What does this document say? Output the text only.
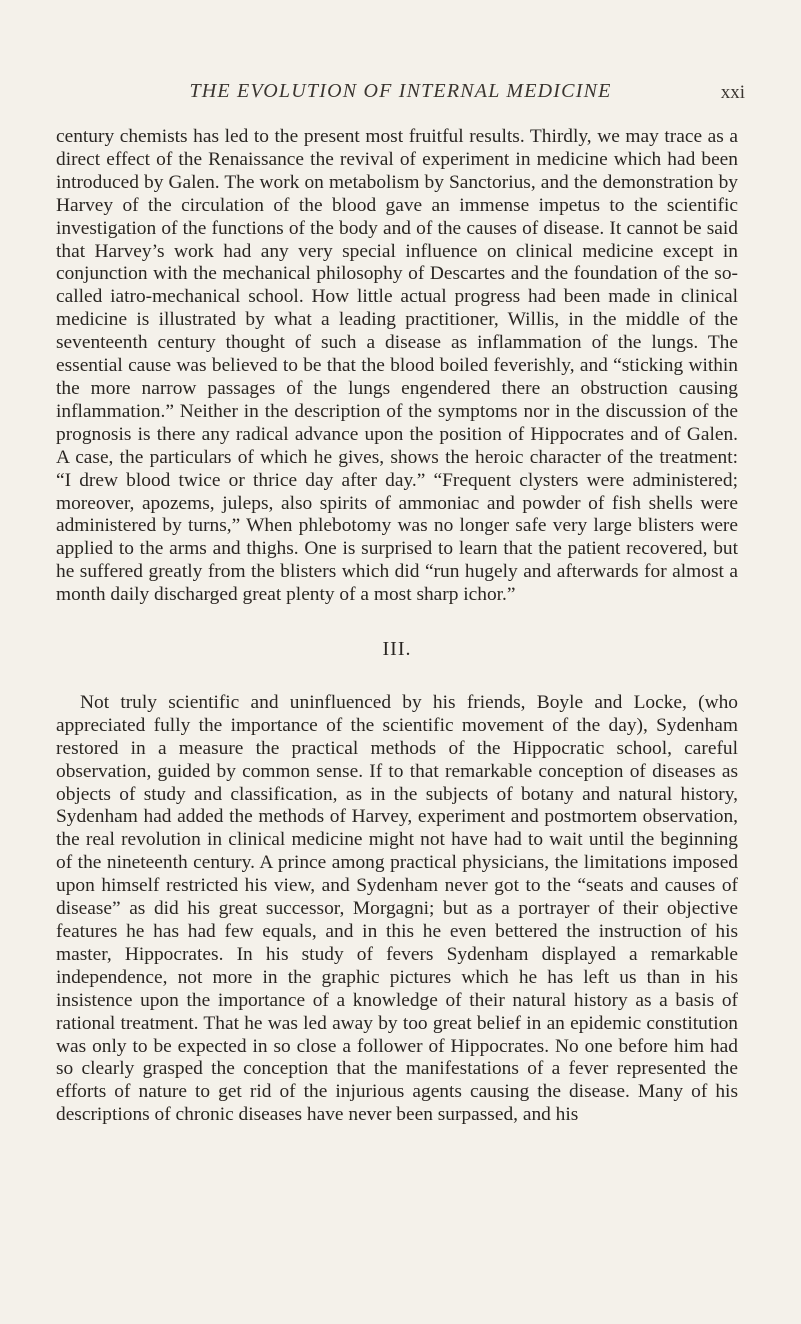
THE EVOLUTION OF INTERNAL MEDICINE	xxi

century chemists has led to the present most fruitful results. Thirdly, we may trace as a direct effect of the Renaissance the revival of experiment in medicine which had been introduced by Galen. The work on metabolism by Sanctorius, and the demonstration by Harvey of the circulation of the blood gave an immense impetus to the scientific investigation of the functions of the body and of the causes of disease. It cannot be said that Harvey’s work had any very special influence on clinical medicine except in conjunction with the mechanical philosophy of Descartes and the foundation of the so-called iatro-mechanical school. How little actual progress had been made in clinical medicine is illustrated by what a leading practitioner, Willis, in the middle of the seventeenth century thought of such a disease as inflammation of the lungs. The essential cause was believed to be that the blood boiled feverishly, and “sticking within the more narrow passages of the lungs engendered there an obstruction causing inflammation.” Neither in the description of the symptoms nor in the discussion of the prognosis is there any radical advance upon the position of Hippocrates and of Galen. A case, the particulars of which he gives, shows the heroic character of the treatment: “I drew blood twice or thrice day after day.” “Frequent clysters were administered; moreover, apozems, juleps, also spirits of ammoniac and powder of fish shells were administered by turns,” When phlebotomy was no longer safe very large blisters were applied to the arms and thighs. One is surprised to learn that the patient recovered, but he suffered greatly from the blisters which did “run hugely and afterwards for almost a month daily discharged great plenty of a most sharp ichor.”

III.

Not truly scientific and uninfluenced by his friends, Boyle and Locke, (who appreciated fully the importance of the scientific movement of the day), Sydenham restored in a measure the practical methods of the Hippocratic school, careful observation, guided by common sense. If to that remarkable conception of diseases as objects of study and classification, as in the subjects of botany and natural history, Sydenham had added the methods of Harvey, experiment and postmortem observation, the real revolution in clinical medicine might not have had to wait until the beginning of the nineteenth century. A prince among practical physicians, the limitations imposed upon himself restricted his view, and Sydenham never got to the “seats and causes of disease” as did his great successor, Morgagni; but as a portrayer of their objective features he has had few equals, and in this he even bettered the instruction of his master, Hippocrates. In his study of fevers Sydenham displayed a remarkable independence, not more in the graphic pictures which he has left us than in his insistence upon the importance of a knowledge of their natural history as a basis of rational treatment. That he was led away by too great belief in an epidemic constitution was only to be expected in so close a follower of Hippocrates. No one before him had so clearly grasped the conception that the manifestations of a fever represented the efforts of nature to get rid of the injurious agents causing the disease. Many of his descriptions of chronic diseases have never been surpassed, and his
